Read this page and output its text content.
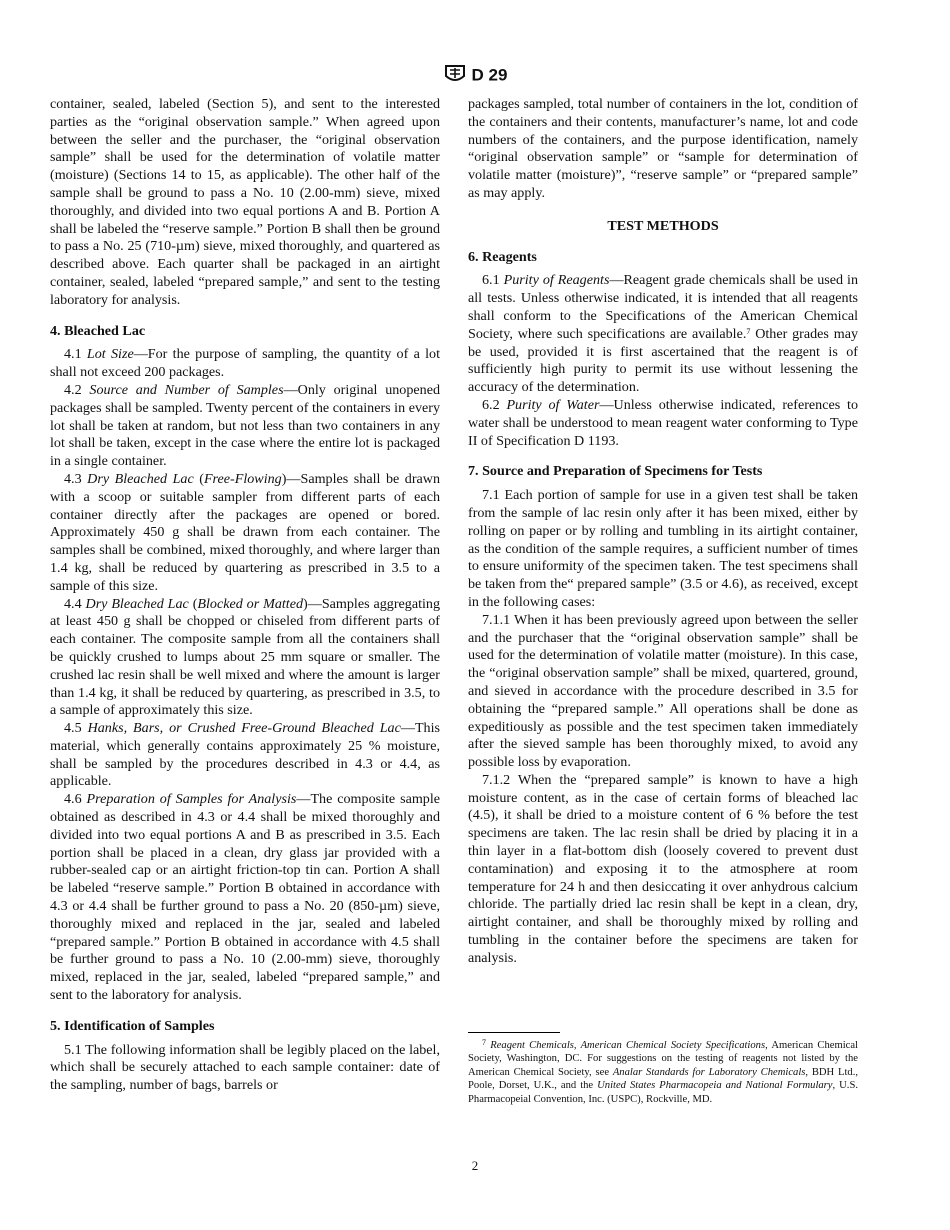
D 29

container, sealed, labeled (Section 5), and sent to the interested parties as the “original observation sample.” When agreed upon between the seller and the purchaser, the “original observation sample” shall be used for the determination of volatile matter (moisture) (Sections 14 to 15, as applicable). The other half of the sample shall be ground to pass a No. 10 (2.00-mm) sieve, mixed thoroughly, and divided into two equal portions A and B. Portion A shall be labeled the “reserve sample.” Portion B shall then be ground to pass a No. 25 (710-µm) sieve, mixed thoroughly, and quartered as described above. Each quarter shall be packaged in an airtight container, sealed, labeled “prepared sample,” and sent to the testing laboratory for analysis.

4. Bleached Lac

4.1 Lot Size—For the purpose of sampling, the quantity of a lot shall not exceed 200 packages.

4.2 Source and Number of Samples—Only original unopened packages shall be sampled. Twenty percent of the containers in every lot shall be taken at random, but not less than two containers in any lot shall be taken, except in the case where the entire lot is packaged in a single container.

4.3 Dry Bleached Lac (Free-Flowing)—Samples shall be drawn with a scoop or suitable sampler from different parts of each container directly after the packages are opened or bored. Approximately 450 g shall be drawn from each container. The samples shall be combined, mixed thoroughly, and where larger than 1.4 kg, shall be reduced by quartering as prescribed in 3.5 to a sample of this size.

4.4 Dry Bleached Lac (Blocked or Matted)—Samples aggregating at least 450 g shall be chopped or chiseled from different parts of each container. The composite sample from all the containers shall be quickly crushed to lumps about 25 mm square or smaller. The crushed lac resin shall be well mixed and where the amount is larger than 1.4 kg, it shall be reduced by quartering, as prescribed in 3.5, to a sample of approximately this size.

4.5 Hanks, Bars, or Crushed Free-Ground Bleached Lac—This material, which generally contains approximately 25 % moisture, shall be sampled by the procedures described in 4.3 or 4.4, as applicable.

4.6 Preparation of Samples for Analysis—The composite sample obtained as described in 4.3 or 4.4 shall be mixed thoroughly and divided into two equal portions A and B as prescribed in 3.5. Each portion shall be placed in a clean, dry glass jar provided with a rubber-sealed cap or an airtight friction-top tin can. Portion A shall be labeled “reserve sample.” Portion B obtained in accordance with 4.3 or 4.4 shall be further ground to pass a No. 20 (850-µm) sieve, thoroughly mixed and replaced in the jar, sealed and labeled “prepared sample.” Portion B obtained in accordance with 4.5 shall be further ground to pass a No. 10 (2.00-mm) sieve, thoroughly mixed, replaced in the jar, sealed, labeled “prepared sample,” and sent to the laboratory for analysis.

5. Identification of Samples

5.1 The following information shall be legibly placed on the label, which shall be securely attached to each sample container: date of the sampling, number of bags, barrels or

packages sampled, total number of containers in the lot, condition of the containers and their contents, manufacturer’s name, lot and code numbers of the containers, and the purpose identification, namely “original observation sample” or “sample for determination of volatile matter (moisture)”, “reserve sample” or “prepared sample” as may apply.

TEST METHODS
6. Reagents

6.1 Purity of Reagents—Reagent grade chemicals shall be used in all tests. Unless otherwise indicated, it is intended that all reagents shall conform to the Specifications of the American Chemical Society, where such specifications are available.$^7$ Other grades may be used, provided it is first ascertained that the reagent is of sufficiently high purity to permit its use without lessening the accuracy of the determination.

6.2 Purity of Water—Unless otherwise indicated, references to water shall be understood to mean reagent water conforming to Type II of Specification D 1193.

7. Source and Preparation of Specimens for Tests

7.1 Each portion of sample for use in a given test shall be taken from the sample of lac resin only after it has been mixed, either by rolling on paper or by rolling and tumbling in its airtight container, as the condition of the sample requires, a sufficient number of times to ensure uniformity of the specimen taken. The test specimens shall be taken from the“ prepared sample” (3.5 or 4.6), as received, except in the following cases:

7.1.1 When it has been previously agreed upon between the seller and the purchaser that the “original observation sample” shall be used for the determination of volatile matter (moisture). In this case, the “original observation sample” shall be mixed, quartered, ground, and sieved in accordance with the procedure described in 3.5 for obtaining the “prepared sample.” All operations shall be done as expeditiously as possible and the test specimen taken immediately after the sieved sample has been thoroughly mixed, to avoid any possible loss by evaporation.

7.1.2 When the “prepared sample” is known to have a high moisture content, as in the case of certain forms of bleached lac (4.5), it shall be dried to a moisture content of 6 % before the test specimens are taken. The lac resin shall be dried by placing it in a thin layer in a flat-bottom dish (loosely covered to prevent dust contamination) and exposing it to the atmosphere at room temperature for 24 h and then desiccating it over anhydrous calcium chloride. The partially dried lac resin shall be kept in a clean, dry, airtight container, and shall be thoroughly mixed by rolling and tumbling in the container before the specimens are taken for analysis.

$^7$ Reagent Chemicals, American Chemical Society Specifications, American Chemical Society, Washington, DC. For suggestions on the testing of reagents not listed by the American Chemical Society, see Analar Standards for Laboratory Chemicals, BDH Ltd., Poole, Dorset, U.K., and the United States Pharmacopeia and National Formulary, U.S. Pharmacopeial Convention, Inc. (USPC), Rockville, MD.

2
